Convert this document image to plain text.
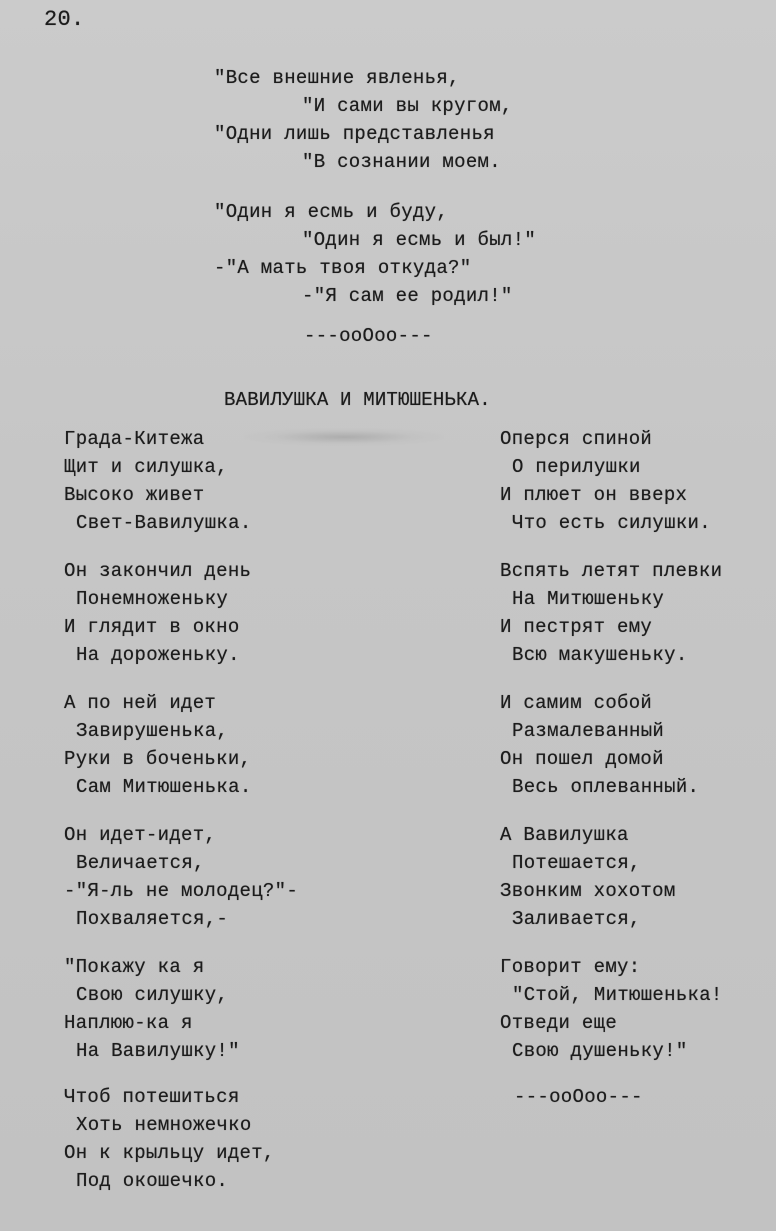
20.
"Все внешние явленья,
"И сами вы кругом,
"Одни лишь представленья
"В сознании моем.
"Один я есмь и буду,
"Один я есмь и был!"
-"А мать твоя откуда?"
-"Я сам ее родил!"
---ооОоо---
ВАВИЛУШКА И МИТЮШЕНЬКА.
Града-Китежа
Щит и силушка,
Высоко живет
Свет-Вавилушка.
Он закончил день
Понемноженьку
И глядит в окно
На дороженьку.
А по ней идет
Завирушенька,
Руки в боченьки,
Сам Митюшенька.
Он идет-идет,
Величается,
-"Я-ль не молодец?"-
Похваляется,-
"Покажу ка я
Свою силушку,
Наплюю-ка я
На Вавилушку!"
Чтоб потешиться
Хоть немножечко
Он к крыльцу идет,
Под окошечко.
Оперся спиной
О перилушки
И плюет он вверх
Что есть силушки.
Вспять летят плевки
На Митюшеньку
И пестрят ему
Всю макушеньку.
И самим собой
Размалеванный
Он пошел домой
Весь оплеванный.
А Вавилушка
Потешается,
Звонким хохотом
Заливается,
Говорит ему:
"Стой, Митюшенька!
Отведи еще
Свою душеньку!"
---ооОоо---
